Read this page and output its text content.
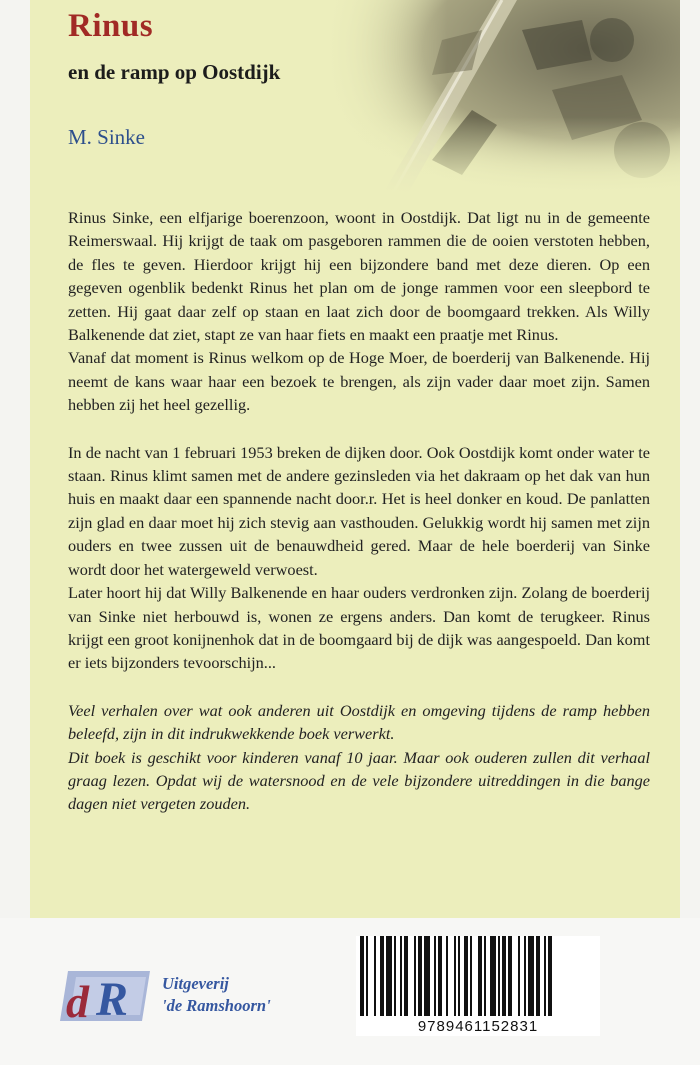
Rinus
en de ramp op Oostdijk
M. Sinke

Rinus Sinke, een elfjarige boerenzoon, woont in Oostdijk. Dat ligt nu in de gemeente Reimerswaal. Hij krijgt de taak om pasgeboren rammen die de ooien verstoten hebben, de fles te geven. Hierdoor krijgt hij een bijzondere band met deze dieren. Op een gegeven ogenblik bedenkt Rinus het plan om de jonge rammen voor een sleepbord te zetten. Hij gaat daar zelf op staan en laat zich door de boomgaard trekken. Als Willy Balkenende dat ziet, stapt ze van haar fiets en maakt een praatje met Rinus.

Vanaf dat moment is Rinus welkom op de Hoge Moer, de boerderij van Balkenende. Hij neemt de kans waar haar een bezoek te brengen, als zijn vader daar moet zijn. Samen hebben zij het heel gezellig.

In de nacht van 1 februari 1953 breken de dijken door. Ook Oostdijk komt onder water te staan. Rinus klimt samen met de andere gezinsleden via het dakraam op het dak van hun huis en maakt daar een spannende nacht door.r. Het is heel donker en koud. De panlatten zijn glad en daar moet hij zich stevig aan vasthouden. Gelukkig wordt hij samen met zijn ouders en twee zussen uit de benauwdheid gered. Maar de hele boerderij van Sinke wordt door het watergeweld verwoest.

Later hoort hij dat Willy Balkenende en haar ouders verdronken zijn. Zolang de boerderij van Sinke niet herbouwd is, wonen ze ergens anders. Dan komt de terugkeer. Rinus krijgt een groot konijnenhok dat in de boomgaard bij de dijk was aangespoeld. Dan komt er iets bijzonders tevoorschijn...

Veel verhalen over wat ook anderen uit Oostdijk en omgeving tijdens de ramp hebben beleefd, zijn in dit indrukwekkende boek verwerkt.

Dit boek is geschikt voor kinderen vanaf 10 jaar. Maar ook ouderen zullen dit verhaal graag lezen. Opdat wij de watersnood en de vele bijzondere uitreddingen in die bange dagen niet vergeten zouden.

d R Uitgeverij
'de Ramshoorn'
9789461152831
